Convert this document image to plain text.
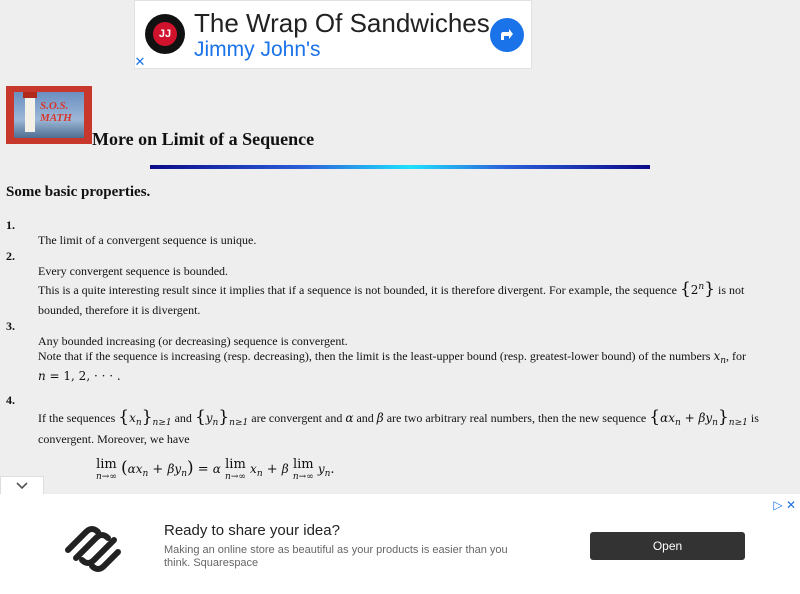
JJ The Wrap Of Sandwiches
Jimmy John's
✕
S.O.S.
MATH
More on Limit of a Sequence
Some basic properties.
1.
The limit of a convergent sequence is unique.
2.
Every convergent sequence is bounded.
This is a quite interesting result since it implies that if a sequence is not bounded, it is therefore divergent. For example, the sequence {2$^n$} is not
bounded, therefore it is divergent.
3.
Any bounded increasing (or decreasing) sequence is convergent.
Note that if the sequence is increasing (resp. decreasing), then the limit is the least-upper bound (resp. greatest-lower bound) of the numbers $x_n$, for
n = 1, 2, · · · .
4.
If the sequences $\{x_n\}_{n\ge 1}$ and $\{y_n\}_{n\ge 1}$ are convergent and α and β are two arbitrary real numbers, then the new sequence $\{\alpha x_n + \beta y_n\}_{n\ge 1}$ is
convergent. Moreover, we have
lim
n→∞ $(\alpha x_n + \beta y_n) = \alpha$ lim
n→∞
$x_n + \beta$ lim
n→∞
$y_n$.
▷ ✕
Ready to share your idea?
Making an online store as beautiful as your products is easier than you think. Squarespace
Open
